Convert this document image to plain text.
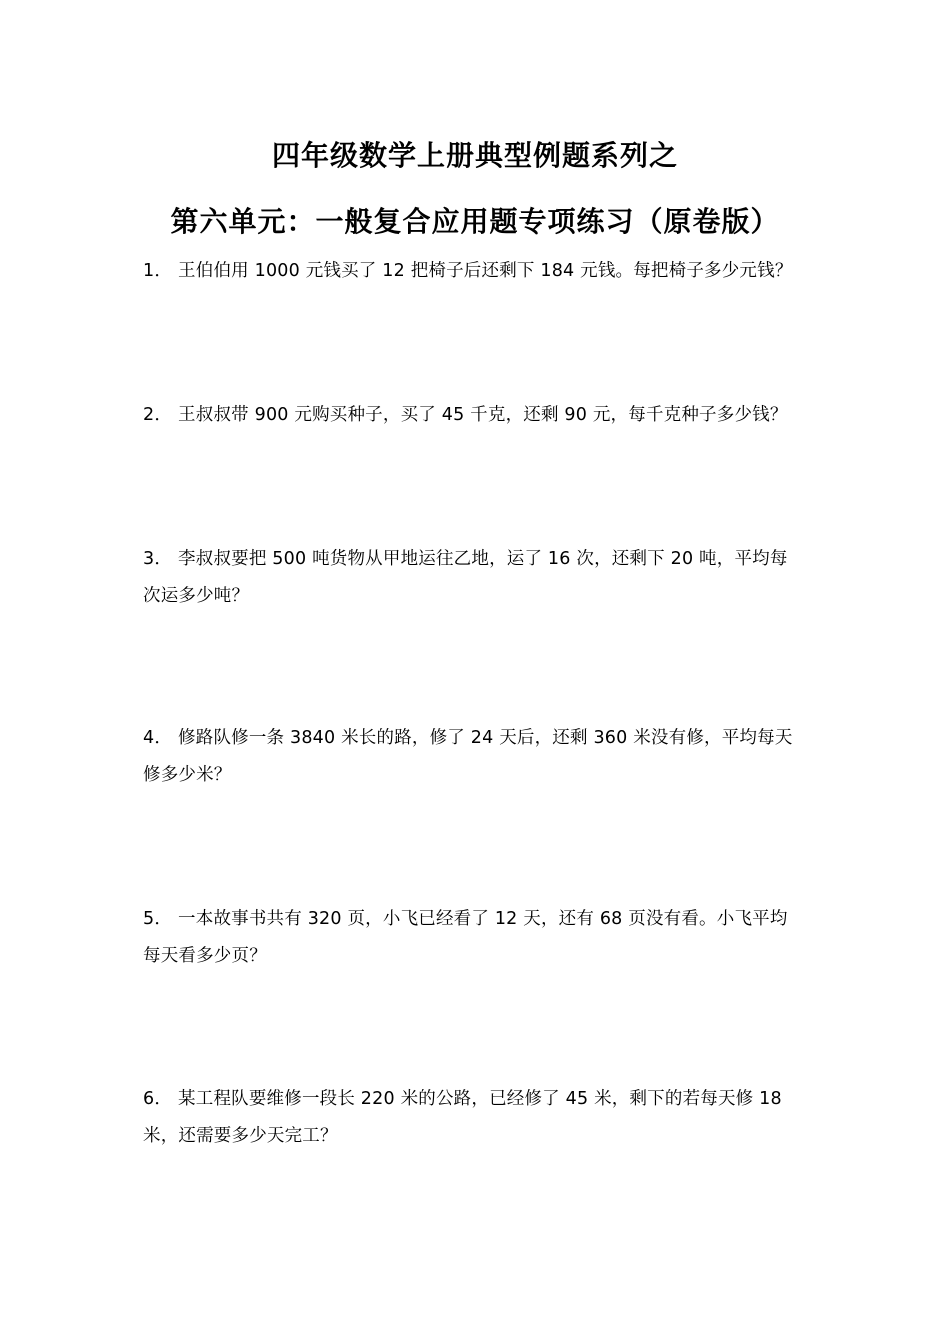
四年级数学上册典型例题系列之
第六单元：一般复合应用题专项练习（原卷版）
1． 王伯伯用 1000 元钱买了 12 把椅子后还剩下 184 元钱。每把椅子多少元钱？
2． 王叔叔带 900 元购买种子，买了 45 千克，还剩 90 元，每千克种子多少钱？
3． 李叔叔要把 500 吨货物从甲地运往乙地，运了 16 次，还剩下 20 吨，平均每次运多少吨？
4． 修路队修一条 3840 米长的路，修了 24 天后，还剩 360 米没有修，平均每天修多少米？
5． 一本故事书共有 320 页，小飞已经看了 12 天，还有 68 页没有看。小飞平均每天看多少页？
6． 某工程队要维修一段长 220 米的公路，已经修了 45 米，剩下的若每天修 18 米，还需要多少天完工？
